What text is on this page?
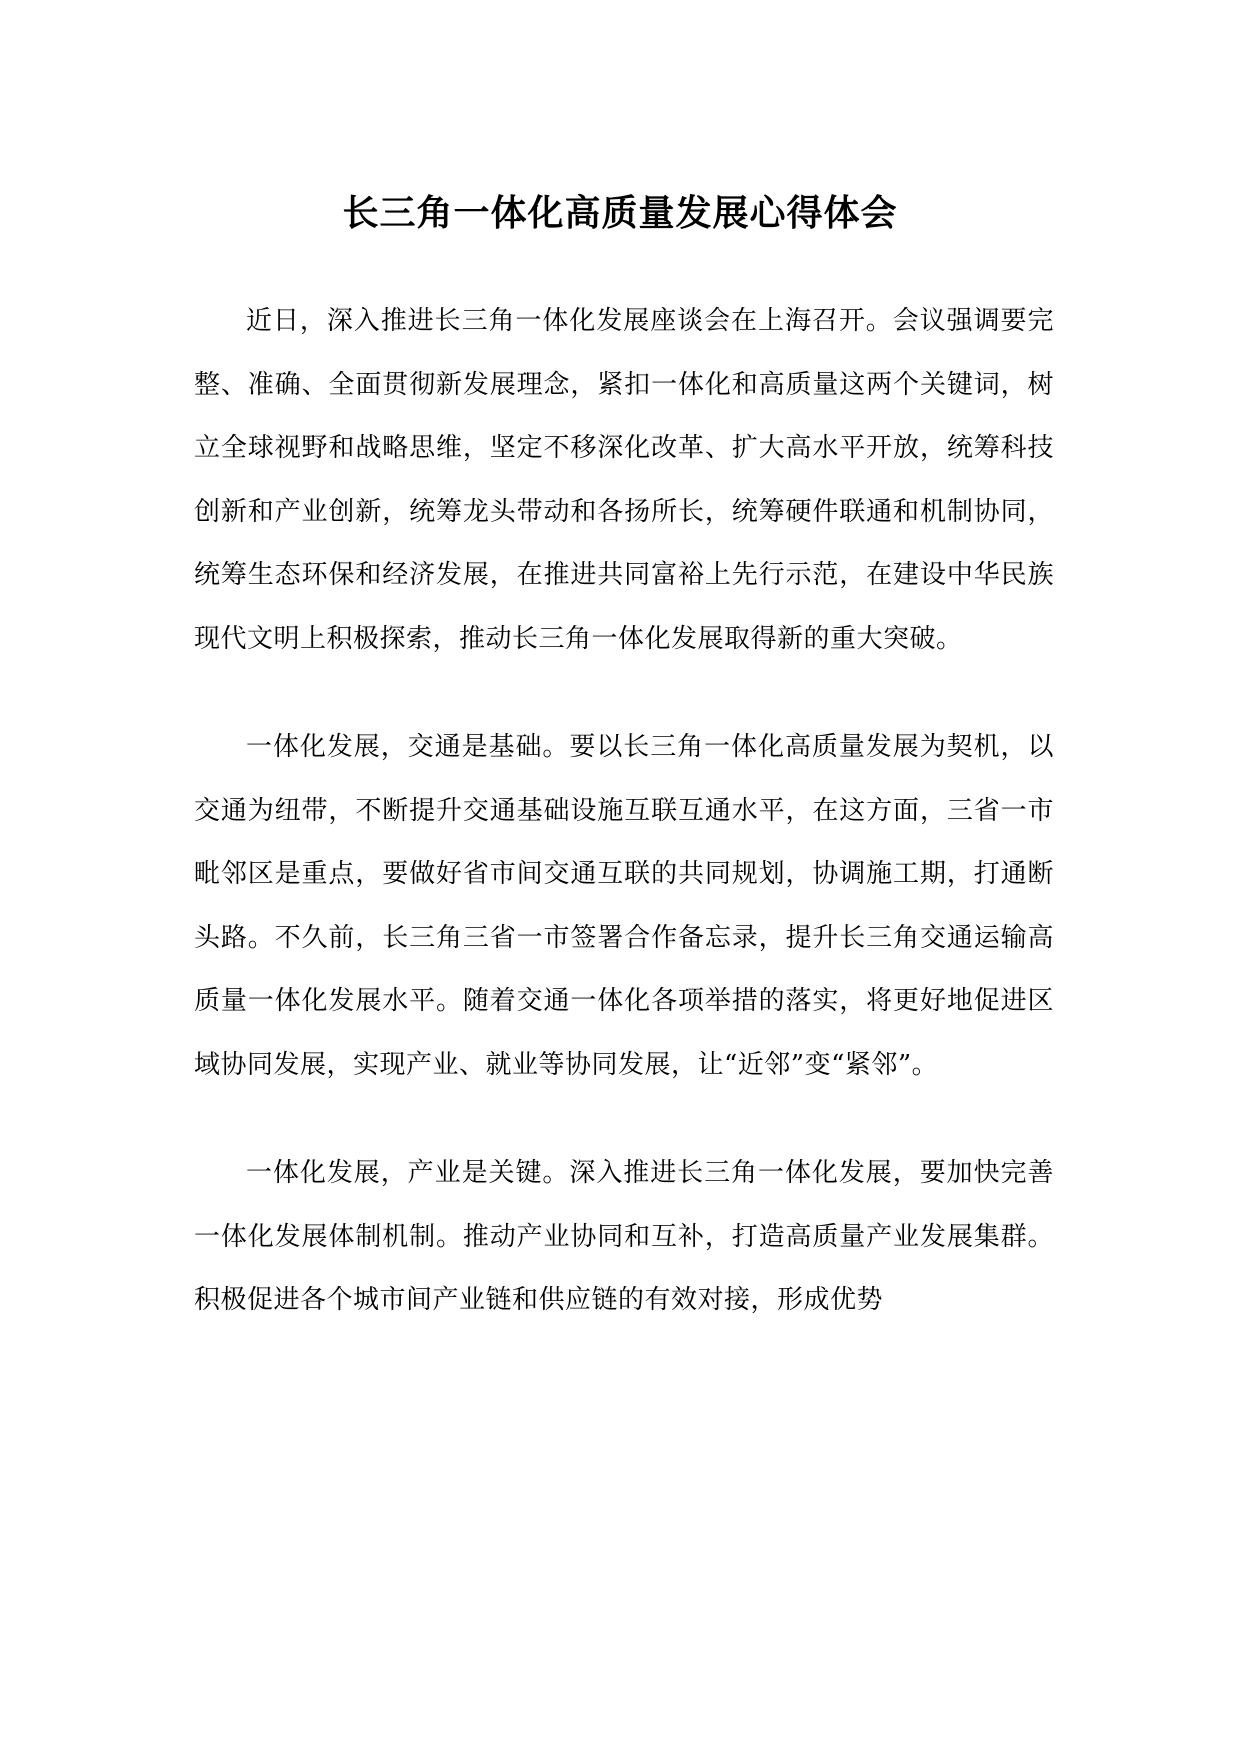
长三角一体化高质量发展心得体会

近日，深入推进长三角一体化发展座谈会在上海召开。会议强调要完整、准确、全面贯彻新发展理念，紧扣一体化和高质量这两个关键词，树立全球视野和战略思维，坚定不移深化改革、扩大高水平开放，统筹科技创新和产业创新，统筹龙头带动和各扬所长，统筹硬件联通和机制协同，统筹生态环保和经济发展，在推进共同富裕上先行示范，在建设中华民族现代文明上积极探索，推动长三角一体化发展取得新的重大突破。

一体化发展，交通是基础。要以长三角一体化高质量发展为契机，以交通为纽带，不断提升交通基础设施互联互通水平，在这方面，三省一市毗邻区是重点，要做好省市间交通互联的共同规划，协调施工期，打通断头路。不久前，长三角三省一市签署合作备忘录，提升长三角交通运输高质量一体化发展水平。随着交通一体化各项举措的落实，将更好地促进区域协同发展，实现产业、就业等协同发展，让“近邻”变“紧邻”。

一体化发展，产业是关键。深入推进长三角一体化发展，要加快完善一体化发展体制机制。推动产业协同和互补，打造高质量产业发展集群。积极促进各个城市间产业链和供应链的有效对接，形成优势
